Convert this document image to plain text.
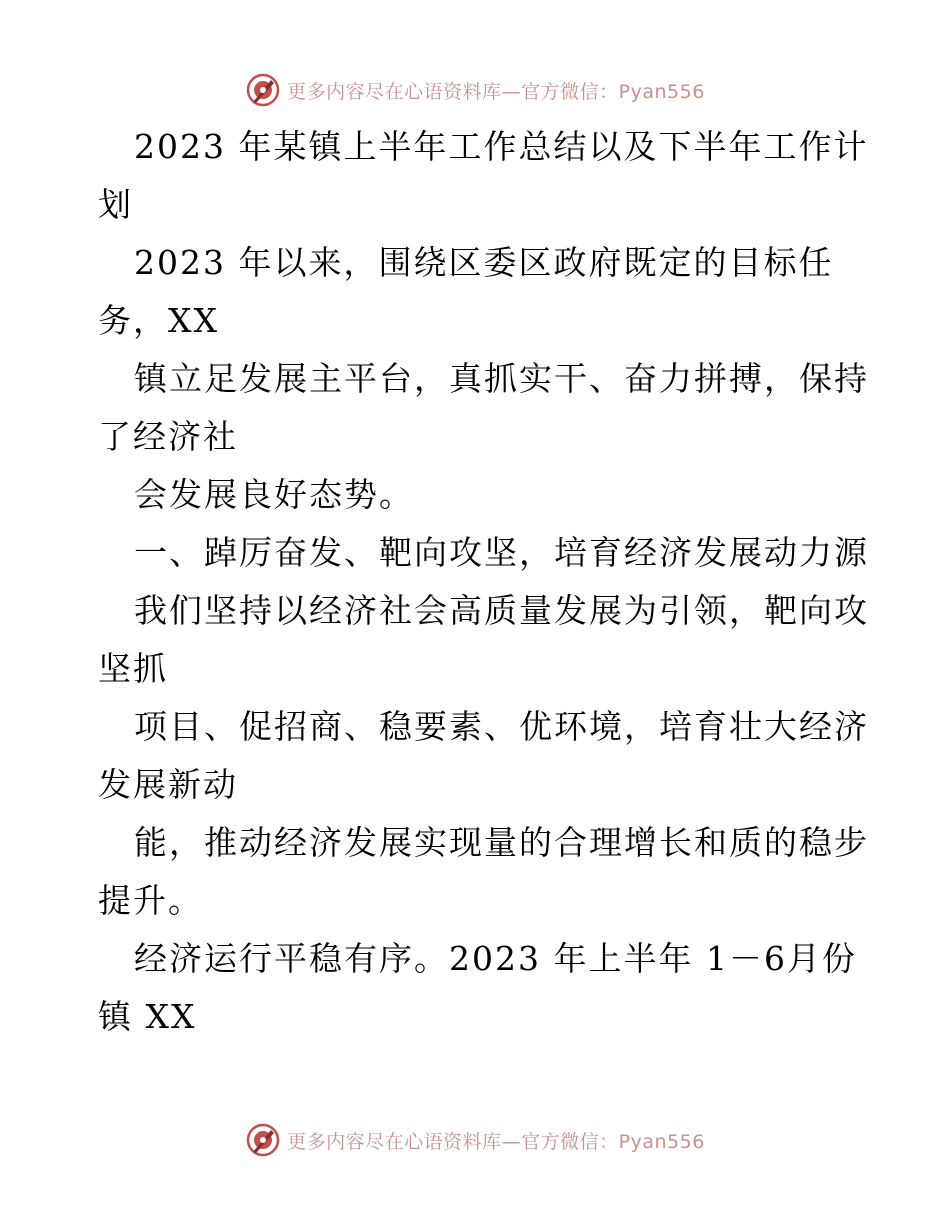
更多内容尽在心语资料库—官方微信：Pyan556
2023 年某镇上半年工作总结以及下半年工作计
划
2023 年以来，围绕区委区政府既定的目标任
务，XX
镇立足发展主平台，真抓实干、奋力拼搏，保持
了经济社
会发展良好态势。
一、踔厉奋发、靶向攻坚，培育经济发展动力源
我们坚持以经济社会高质量发展为引领，靶向攻
坚抓
项目、促招商、稳要素、优环境，培育壮大经济
发展新动
能，推动经济发展实现量的合理增长和质的稳步
提升。
经济运行平稳有序。2023 年上半年 1－6月份
镇 XX
更多内容尽在心语资料库—官方微信：Pyan556
